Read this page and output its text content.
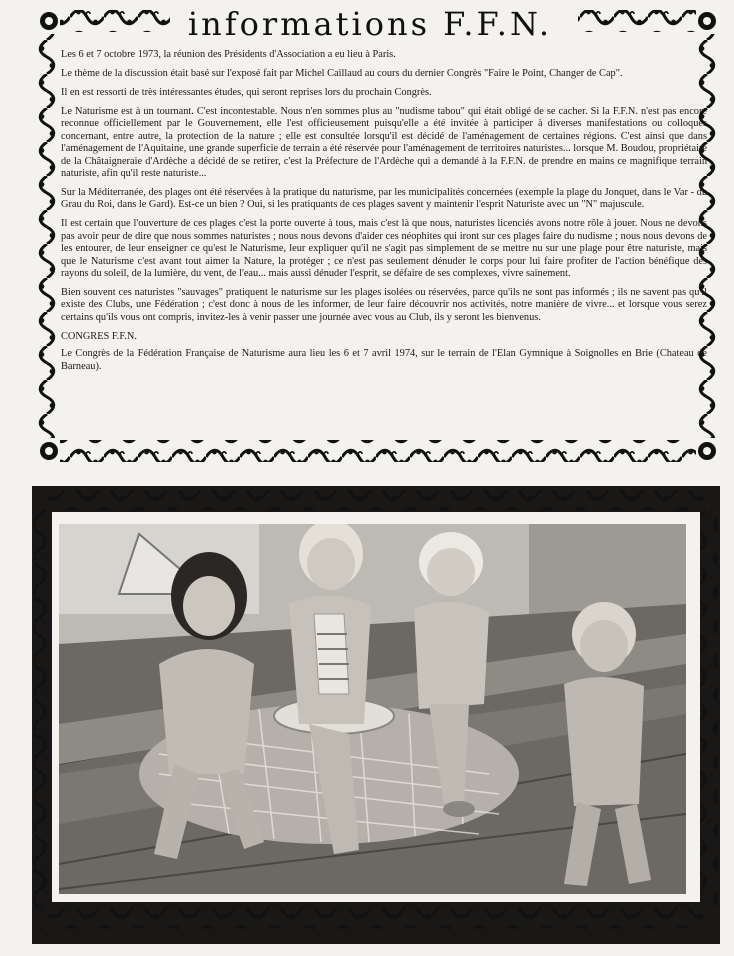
informations F.F.N.

Les 6 et 7 octobre 1973, la réunion des Présidents d'Association a eu lieu à Paris.

Le thème de la discussion était basé sur l'exposé fait par Michel Caillaud au cours du dernier Congrès "Faire le Point, Changer de Cap".

Il en est ressorti de très intéressantes études, qui seront reprises lors du prochain Congrès.

Le Naturisme est à un tournant. C'est incontestable. Nous n'en sommes plus au "nudisme tabou" qui était obligé de se cacher. Si la F.F.N. n'est pas encore reconnue officiellement par le Gouvernement, elle l'est officieusement puisqu'elle a été invitée à participer à diverses manifestations ou colloques concernant, entre autre, la protection de la nature ; elle est consultée lorsqu'il est décidé de l'aménagement de certaines régions. C'est ainsi que dans l'aménagement de l'Aquitaine, une grande superficie de terrain a été réservée pour l'aménagement de territoires naturistes... lorsque M. Boudou, propriétaire de la Châtaigneraie d'Ardèche a décidé de se retirer, c'est la Préfecture de l'Ardèche qui a demandé à la F.F.N. de prendre en mains ce magnifique terrain naturiste, afin qu'il reste naturiste...

Sur la Méditerranée, des plages ont été réservées à la pratique du naturisme, par les municipalités concernées (exemple la plage du Jonquet, dans le Var - du Grau du Roi, dans le Gard). Est-ce un bien ? Oui, si les pratiquants de ces plages savent y maintenir l'esprit Naturiste avec un "N" majuscule.

Il est certain que l'ouverture de ces plages c'est la porte ouverte à tous, mais c'est là que nous, naturistes licenciés avons notre rôle à jouer. Nous ne devons pas avoir peur de dire que nous sommes naturistes ; nous nous devons d'aider ces néophites qui iront sur ces plages faire du nudisme ; nous nous devons de les entourer, de leur enseigner ce qu'est le Naturisme, leur expliquer qu'il ne s'agit pas simplement de se mettre nu sur une plage pour être naturiste, mais que le Naturisme c'est avant tout aimer la Nature, la protéger ; ce n'est pas seulement dénuder le corps pour lui faire profiter de l'action bénéfique des rayons du soleil, de la lumière, du vent, de l'eau... mais aussi dénuder l'esprit, se défaire de ses complexes, vivre sainement.

Bien souvent ces naturistes "sauvages" pratiquent le naturisme sur les plages isolées ou réservées, parce qu'ils ne sont pas informés ; ils ne savent pas qu'il existe des Clubs, une Fédération ; c'est donc à nous de les informer, de leur faire découvrir nos activités, notre manière de vivre... et lorsque vous serez certains qu'ils vous ont compris, invitez-les à venir passer une journée avec vous au Club, ils y seront les bienvenus.

CONGRES F.F.N.

Le Congrès de la Fédération Française de Naturisme aura lieu les 6 et 7 avril 1974, sur le terrain de l'Elan Gymnique à Soignolles en Brie (Chateau de Barneau).
